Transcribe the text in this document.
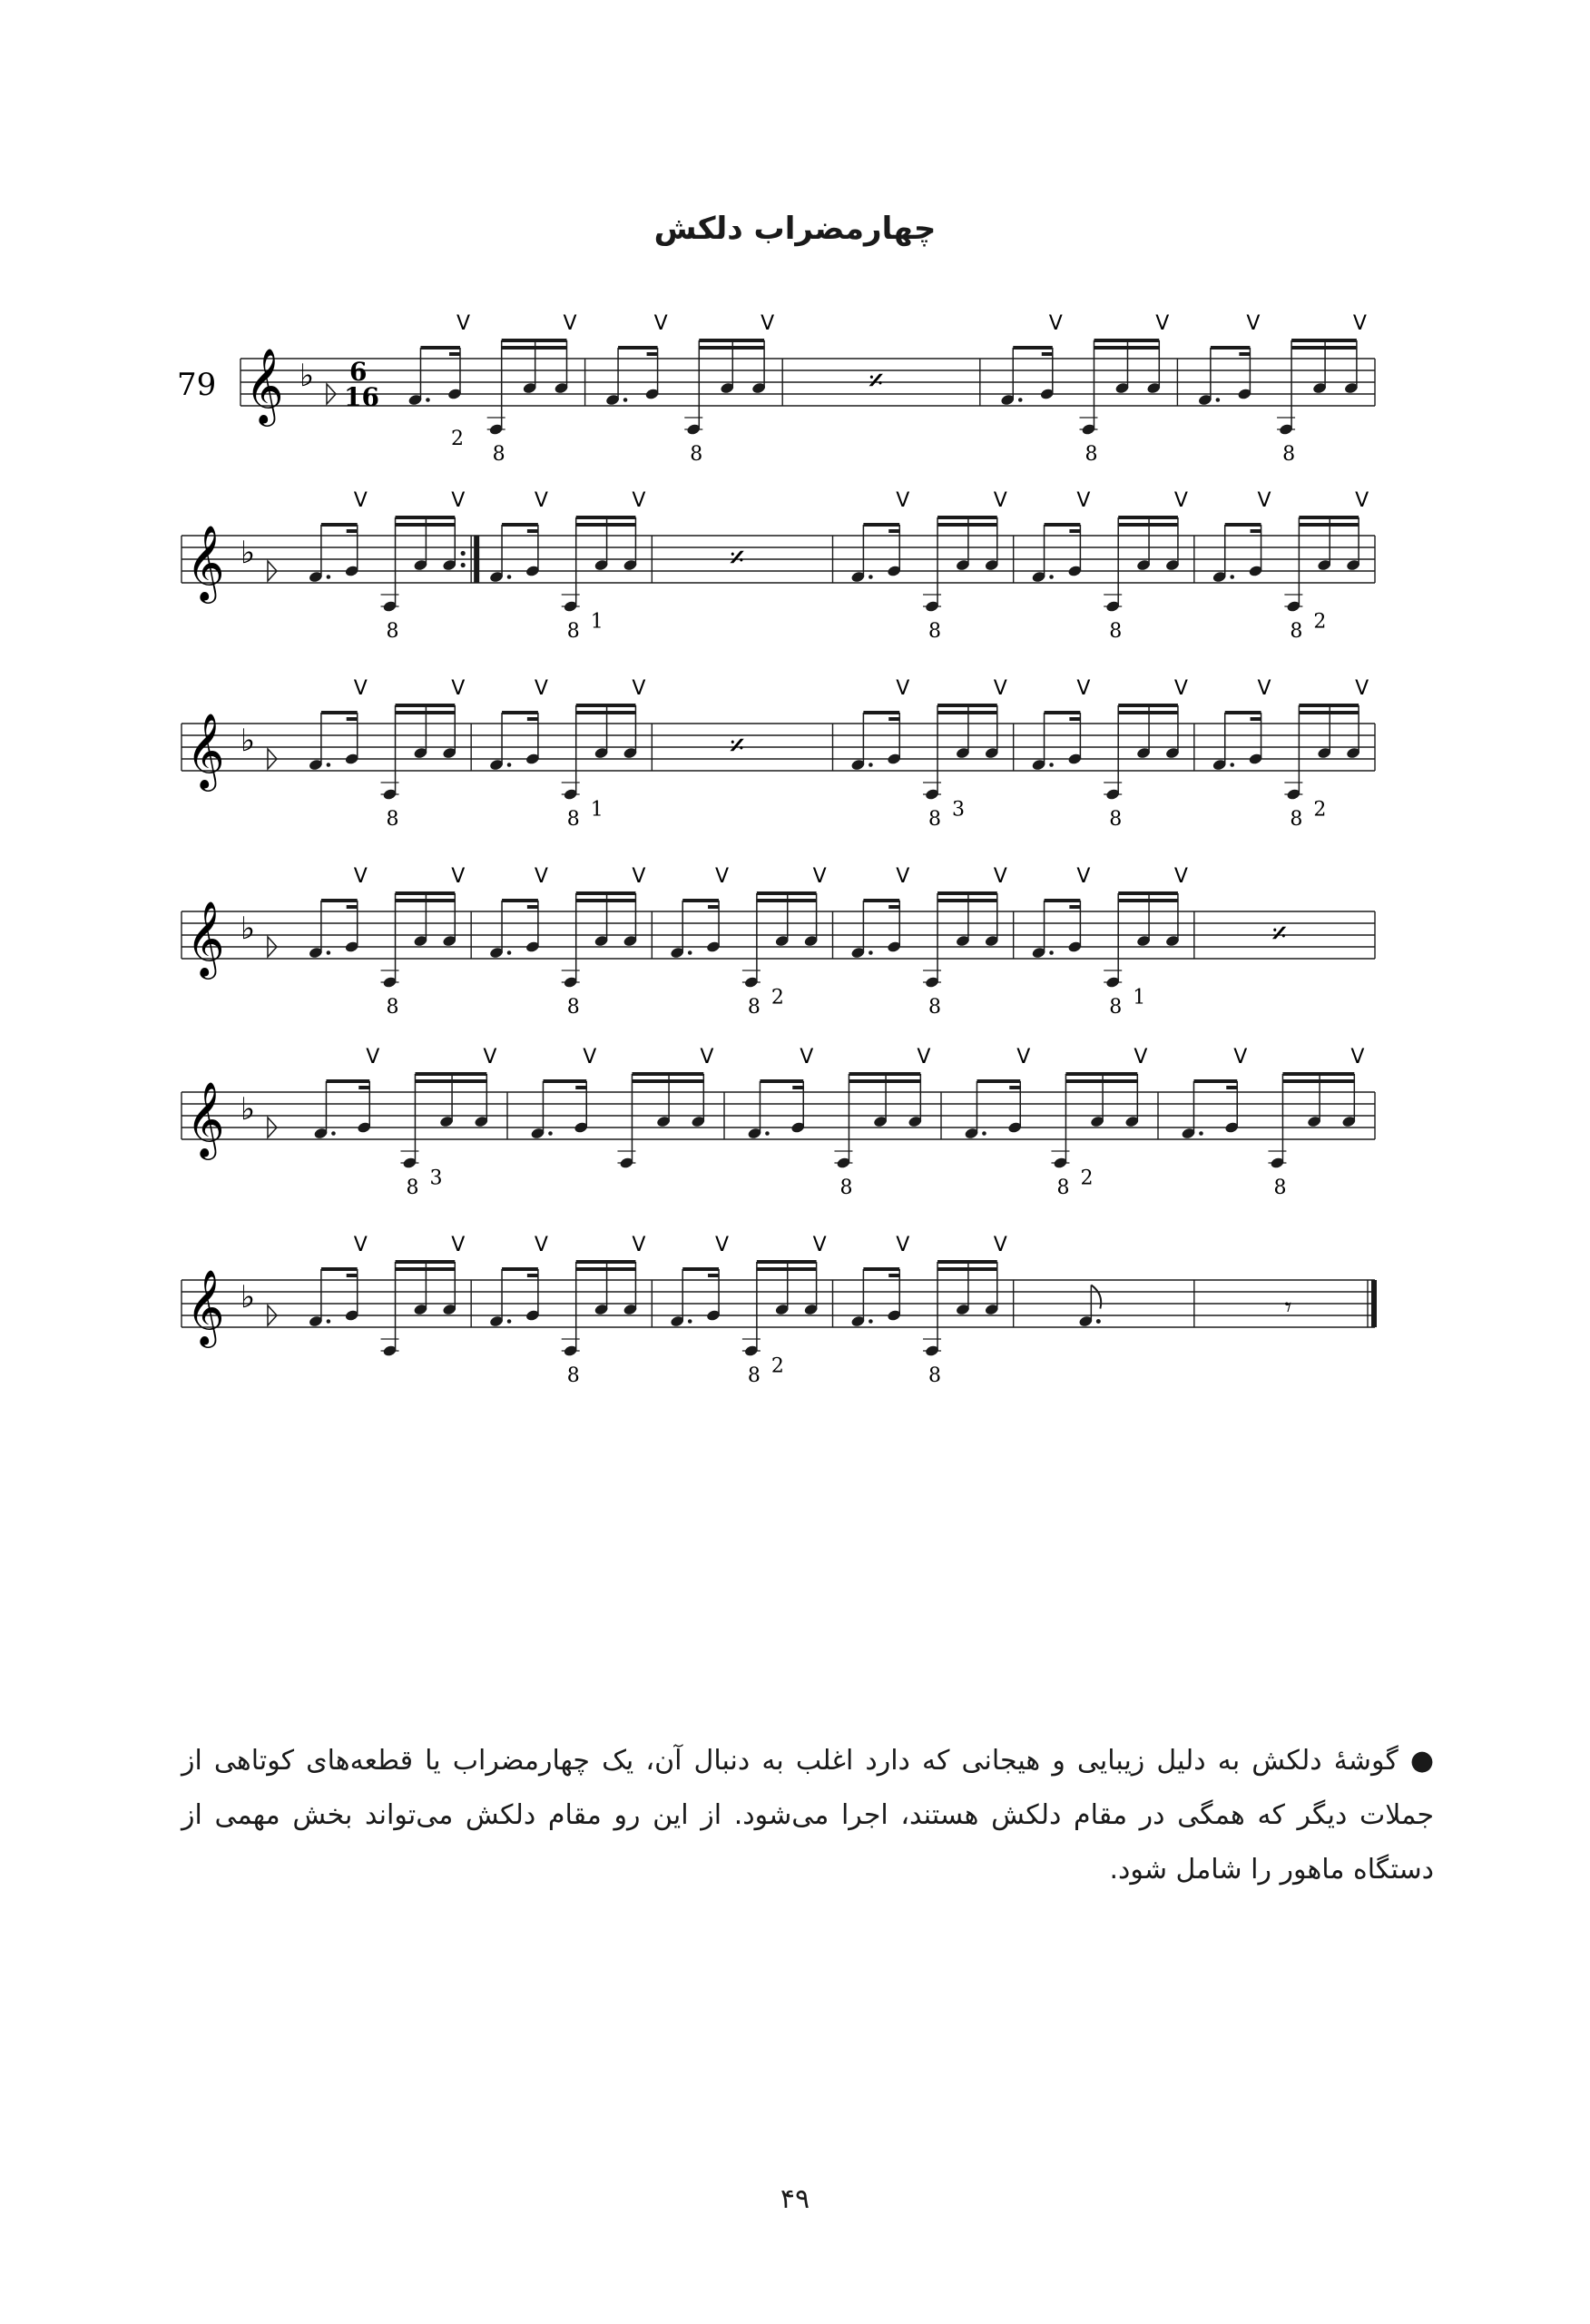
چهارمضراب دلکش
𝄞 ♭
79	6
16
V	V
8
2
V	V
8
𝄎
V	V
8
V	V
8
𝄞 ♭
V	V
8
V	V
8 1
𝄎
V	V
8
V	V
8
V	V
8 2
𝄞 ♭
V	V
8
V	V
8 1
𝄎
V	V
8 3
V	V
8
V	V
8 2
𝄞 ♭
V	V
8
V	V
8
V	V
8 2
V	V
8
V	V
8 1
𝄎
𝄞 ♭
V	V
8 3
V	V	V	V
8
V	V
8 2
V	V
8
𝄞 ♭
V	V	V	V
8
V	V
8 2
V	V
8
𝄾
● گوشهٔ دلکش به دلیل زیبایی و هیجانی که دارد اغلب به دنبال آن، یک چهارمضراب یا قطعه‌های کوتاهی از جملات دیگر که همگی در مقام دلکش هستند، اجرا می‌شود. از این رو مقام دلکش می‌تواند بخش مهمی از دستگاه ماهور را شامل شود.
۴۹
